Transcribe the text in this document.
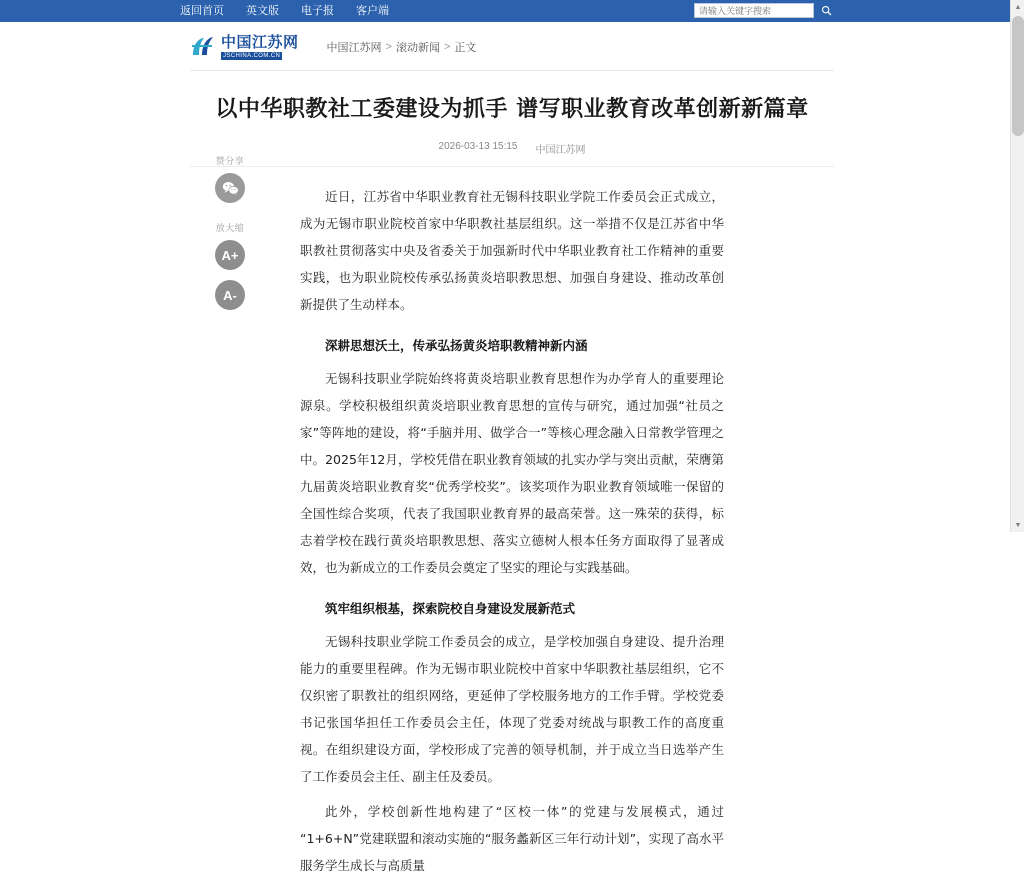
返回首页 英文版 电子报 客户端
请输入关键字搜索
中国江苏网
JSCHINA.COM.CN
中国江苏网 > 滚动新闻 > 正文
赞分享
放大缩
A+
A-
以中华职教社工委建设为抓手 谱写职业教育改革创新新篇章
2026-03-13 15:15 中国江苏网

近日，江苏省中华职业教育社无锡科技职业学院工作委员会正式成立，成为无锡市职业院校首家中华职教社基层组织。这一举措不仅是江苏省中华职教社贯彻落实中央及省委关于加强新时代中华职业教育社工作精神的重要实践，也为职业院校传承弘扬黄炎培职教思想、加强自身建设、推动改革创新提供了生动样本。

深耕思想沃土，传承弘扬黄炎培职教精神新内涵

无锡科技职业学院始终将黄炎培职业教育思想作为办学育人的重要理论源泉。学校积极组织黄炎培职业教育思想的宣传与研究，通过加强“社员之家”等阵地的建设，将“手脑并用、做学合一”等核心理念融入日常教学管理之中。2025年12月，学校凭借在职业教育领域的扎实办学与突出贡献，荣膺第九届黄炎培职业教育奖“优秀学校奖”。该奖项作为职业教育领域唯一保留的全国性综合奖项，代表了我国职业教育界的最高荣誉。这一殊荣的获得，标志着学校在践行黄炎培职教思想、落实立德树人根本任务方面取得了显著成效，也为新成立的工作委员会奠定了坚实的理论与实践基础。

筑牢组织根基，探索院校自身建设发展新范式

无锡科技职业学院工作委员会的成立，是学校加强自身建设、提升治理能力的重要里程碑。作为无锡市职业院校中首家中华职教社基层组织，它不仅织密了职教社的组织网络，更延伸了学校服务地方的工作手臂。学校党委书记张国华担任工作委员会主任，体现了党委对统战与职教工作的高度重视。在组织建设方面，学校形成了完善的领导机制，并于成立当日选举产生了工作委员会主任、副主任及委员。

此外，学校创新性地构建了“区校一体”的党建与发展模式，通过“1+6+N”党建联盟和滚动实施的“服务蠡新区三年行动计划”，实现了高水平服务学生成长与高质量

▲
▼
